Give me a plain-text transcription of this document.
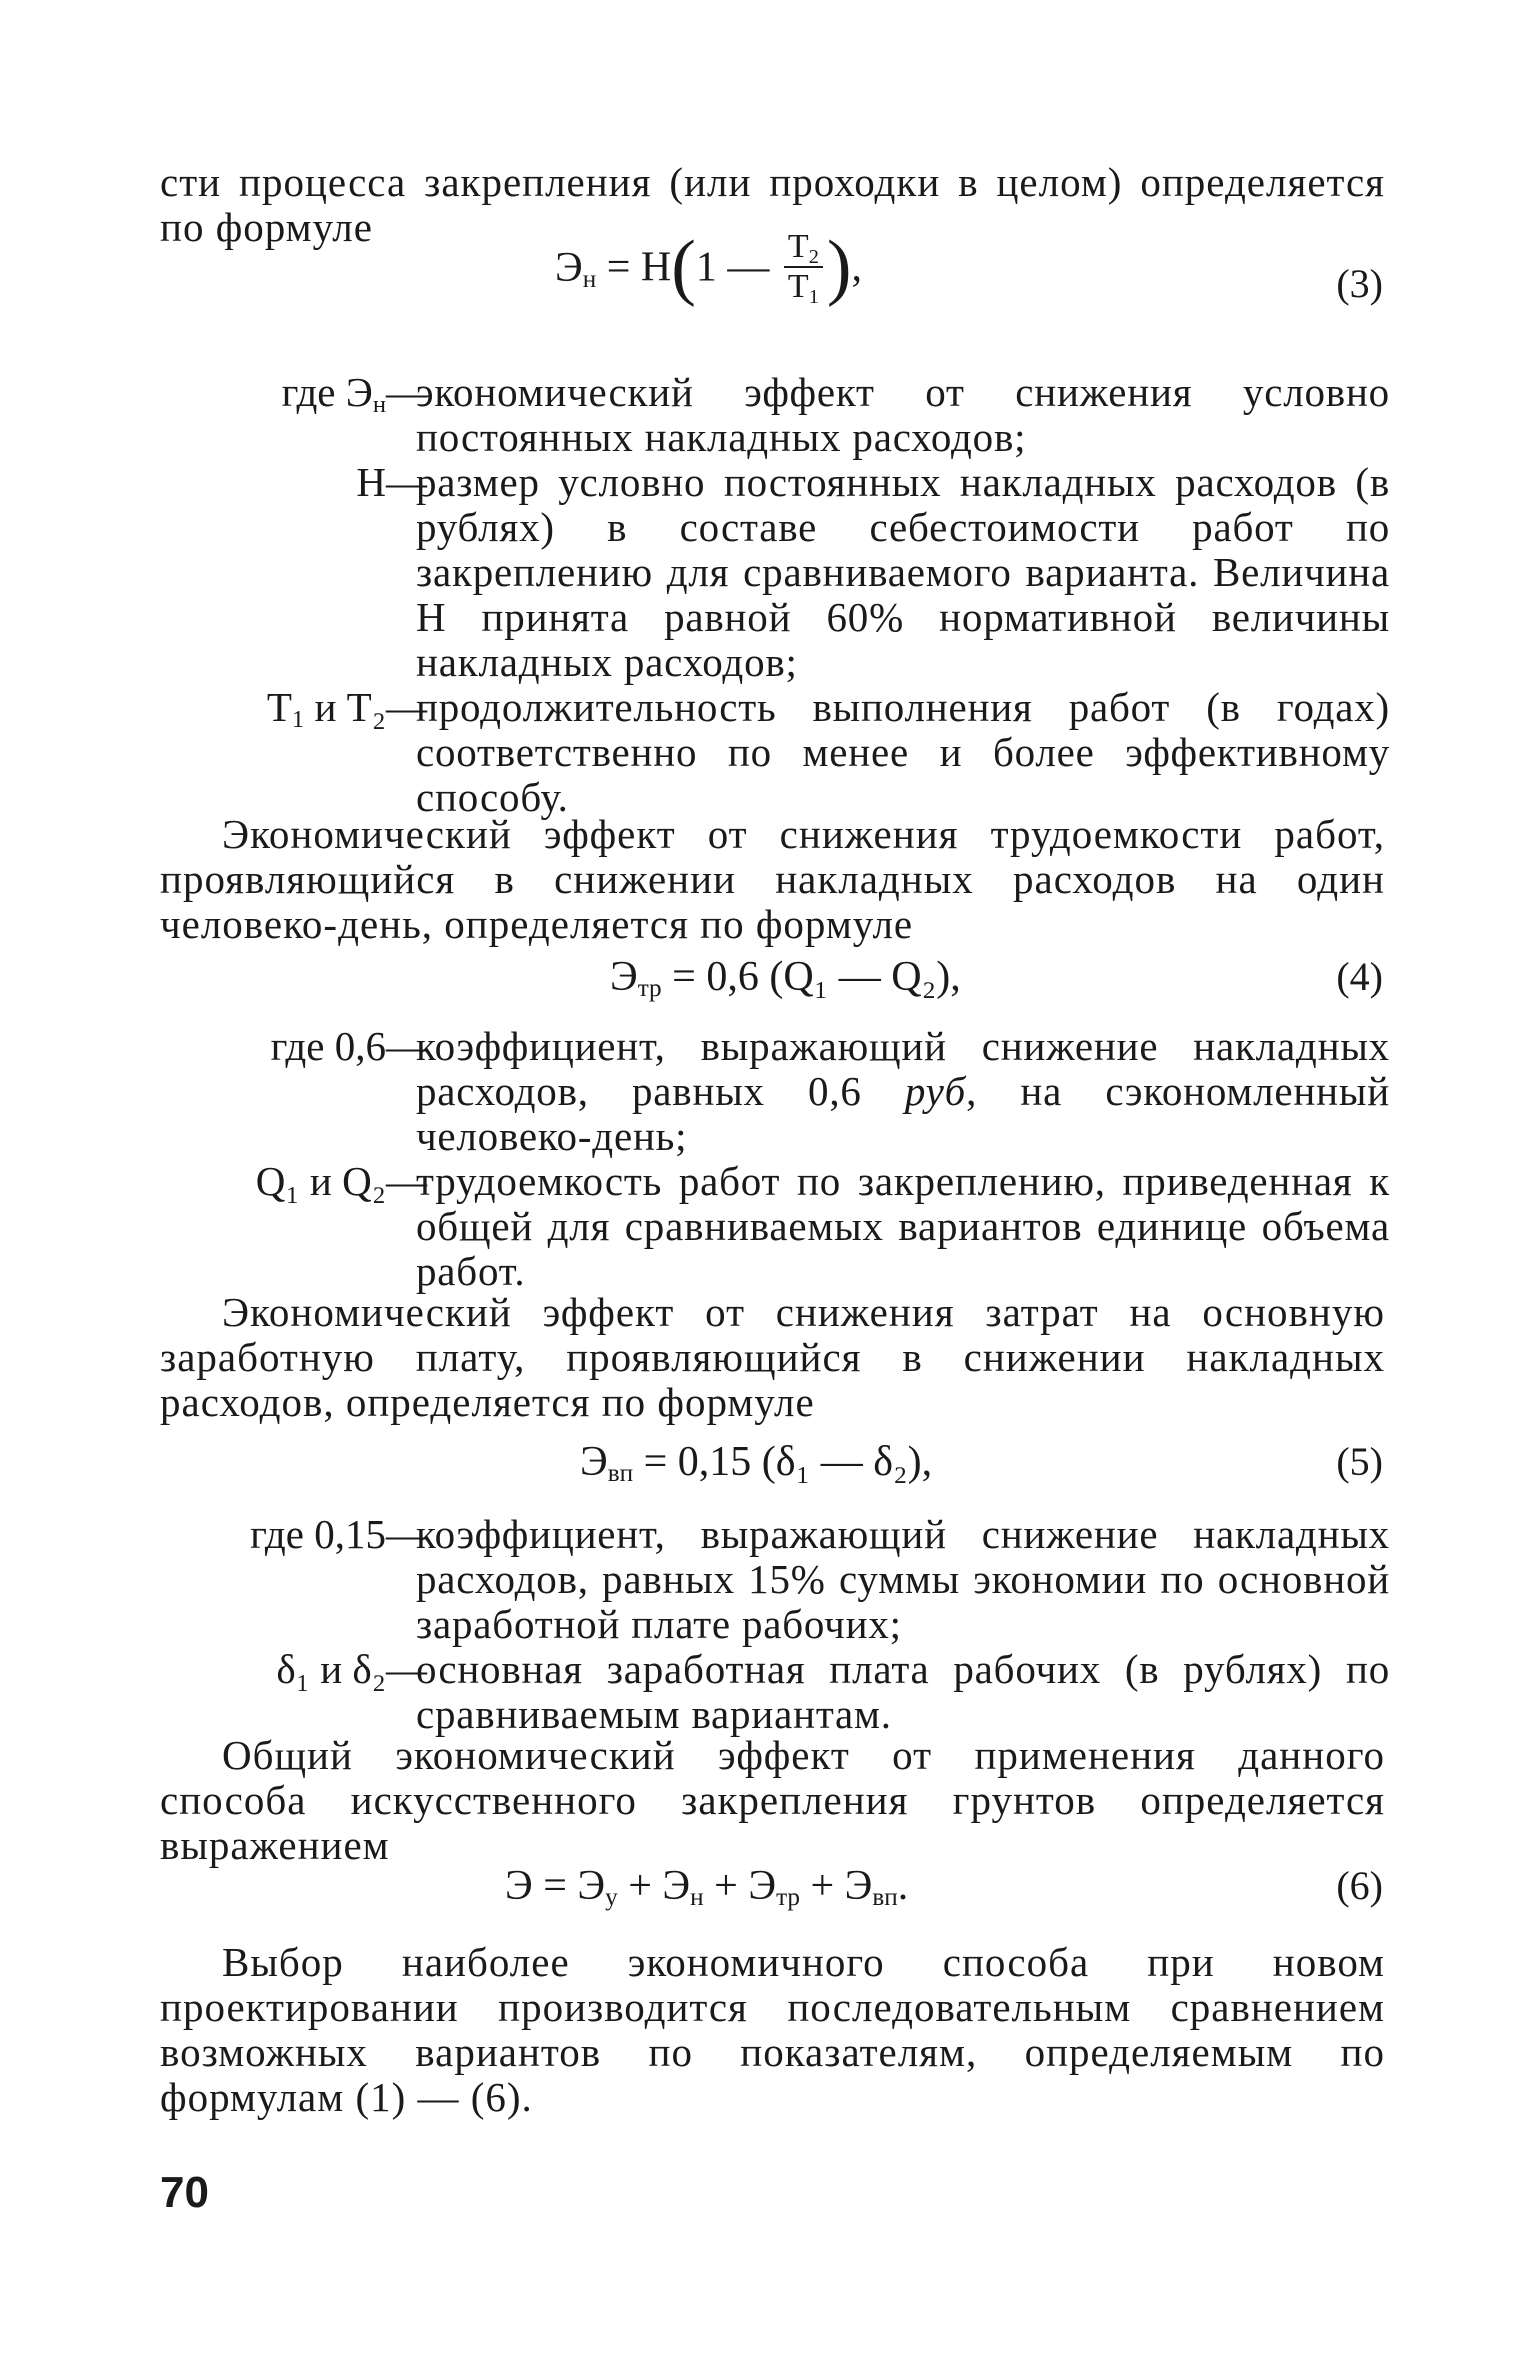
сти процесса закрепления (или проходки в целом) определяется по формуле
$Э_н = Н(1$ — $\frac{T_2}{T_1}$ ),	(3)
где $Э_н$ —
экономический эффект от снижения условно постоянных накладных расходов;
Н —
размер условно постоянных накладных расходов (в рублях) в составе себестоимости работ по закреплению для сравниваемого варианта. Величина Н принята равной 60% нормативной величины накладных расходов;
$Т_1$ и Т₂ —
продолжительность выполнения работ (в годах) соответственно по менее и более эффективному способу.
Экономический эффект от снижения трудоемкости работ, проявляющийся в снижении накладных расходов на один человеко-день, определяется по формуле
$Э_{тр} = 0,6$ (Q₁ — Q₂),	(4)
где 0,6 —
коэффициент, выражающий снижение накладных расходов, равных 0,6 руб, на сэкономленный человеко-день;
Q₁ и Q₂ —
трудоемкость работ по закреплению, приведенная к общей для сравниваемых вариантов единице объема работ.
Экономический эффект от снижения затрат на основную заработную плату, проявляющийся в снижении накладных расходов, определяется по формуле
$Э_{вп} = 0,15$ (δ₁ — δ₂),	(5)
где 0,15 —
коэффициент, выражающий снижение накладных расходов, равных 15% суммы экономии по основной заработной плате рабочих;
δ₁ и δ₂ —
основная заработная плата рабочих (в рублях) по сравниваемым вариантам.
Общий экономический эффект от применения данного способа искусственного закрепления грунтов определяется выражением
$Э = Э_у + Э_н + Э_{тр} + Э_{вп}$.	(6)
Выбор наиболее экономичного способа при новом проектировании производится последовательным сравнением возможных вариантов по показателям, определяемым по формулам (1) — (6).
70
